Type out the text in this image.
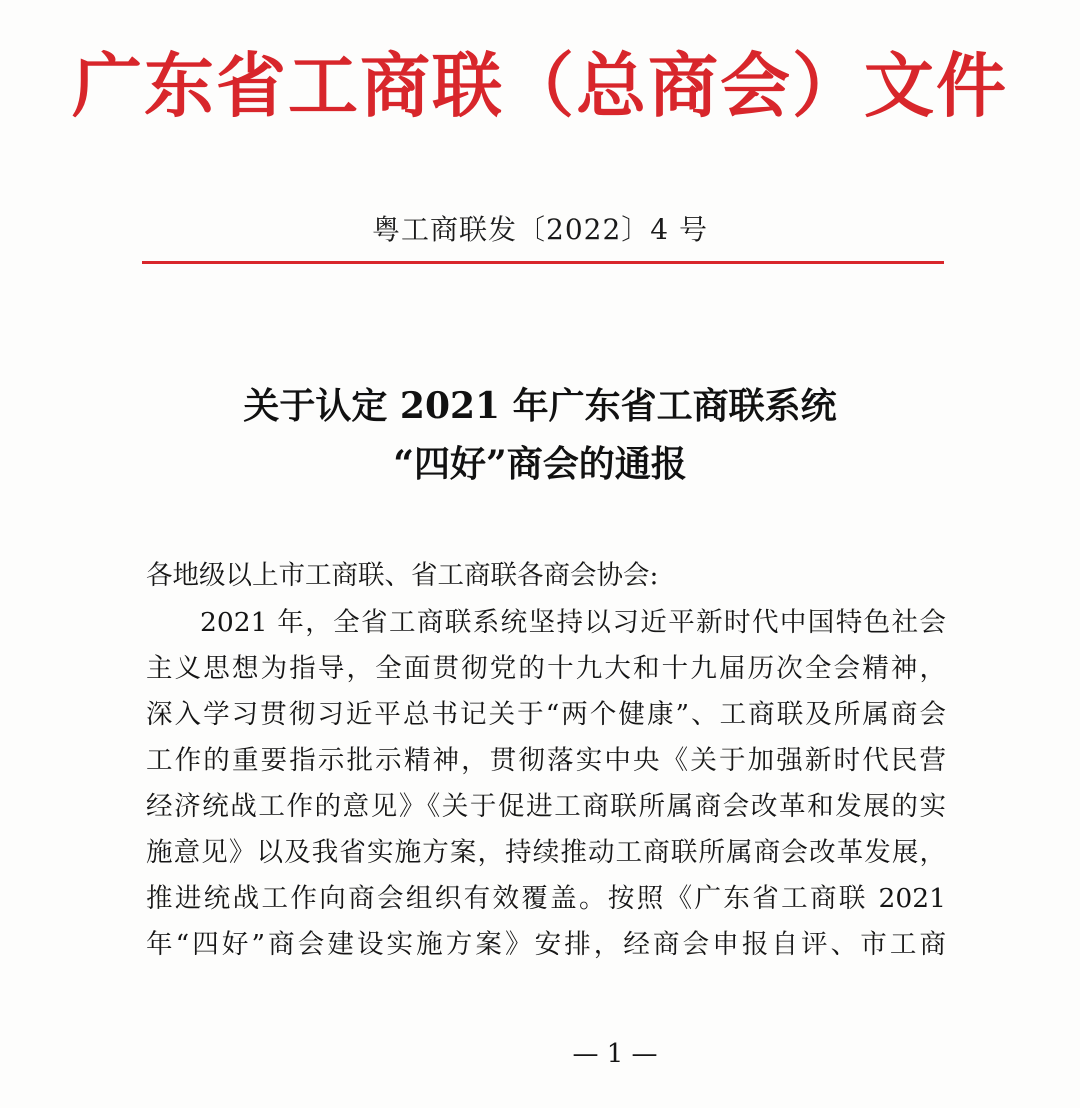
广东省工商联（总商会）文件
粤工商联发〔2022〕4 号
关于认定 2021 年广东省工商联系统
“四好”商会的通报
各地级以上市工商联、省工商联各商会协会:
2021 年，全省工商联系统坚持以习近平新时代中国特色社会
主义思想为指导，全面贯彻党的十九大和十九届历次全会精神，
深入学习贯彻习近平总书记关于“两个健康”、工商联及所属商会
工作的重要指示批示精神，贯彻落实中央《关于加强新时代民营
经济统战工作的意见》《关于促进工商联所属商会改革和发展的实
施意见》以及我省实施方案，持续推动工商联所属商会改革发展，
推进统战工作向商会组织有效覆盖。按照《广东省工商联 2021
年“四好”商会建设实施方案》安排，经商会申报自评、市工商
— 1 —
